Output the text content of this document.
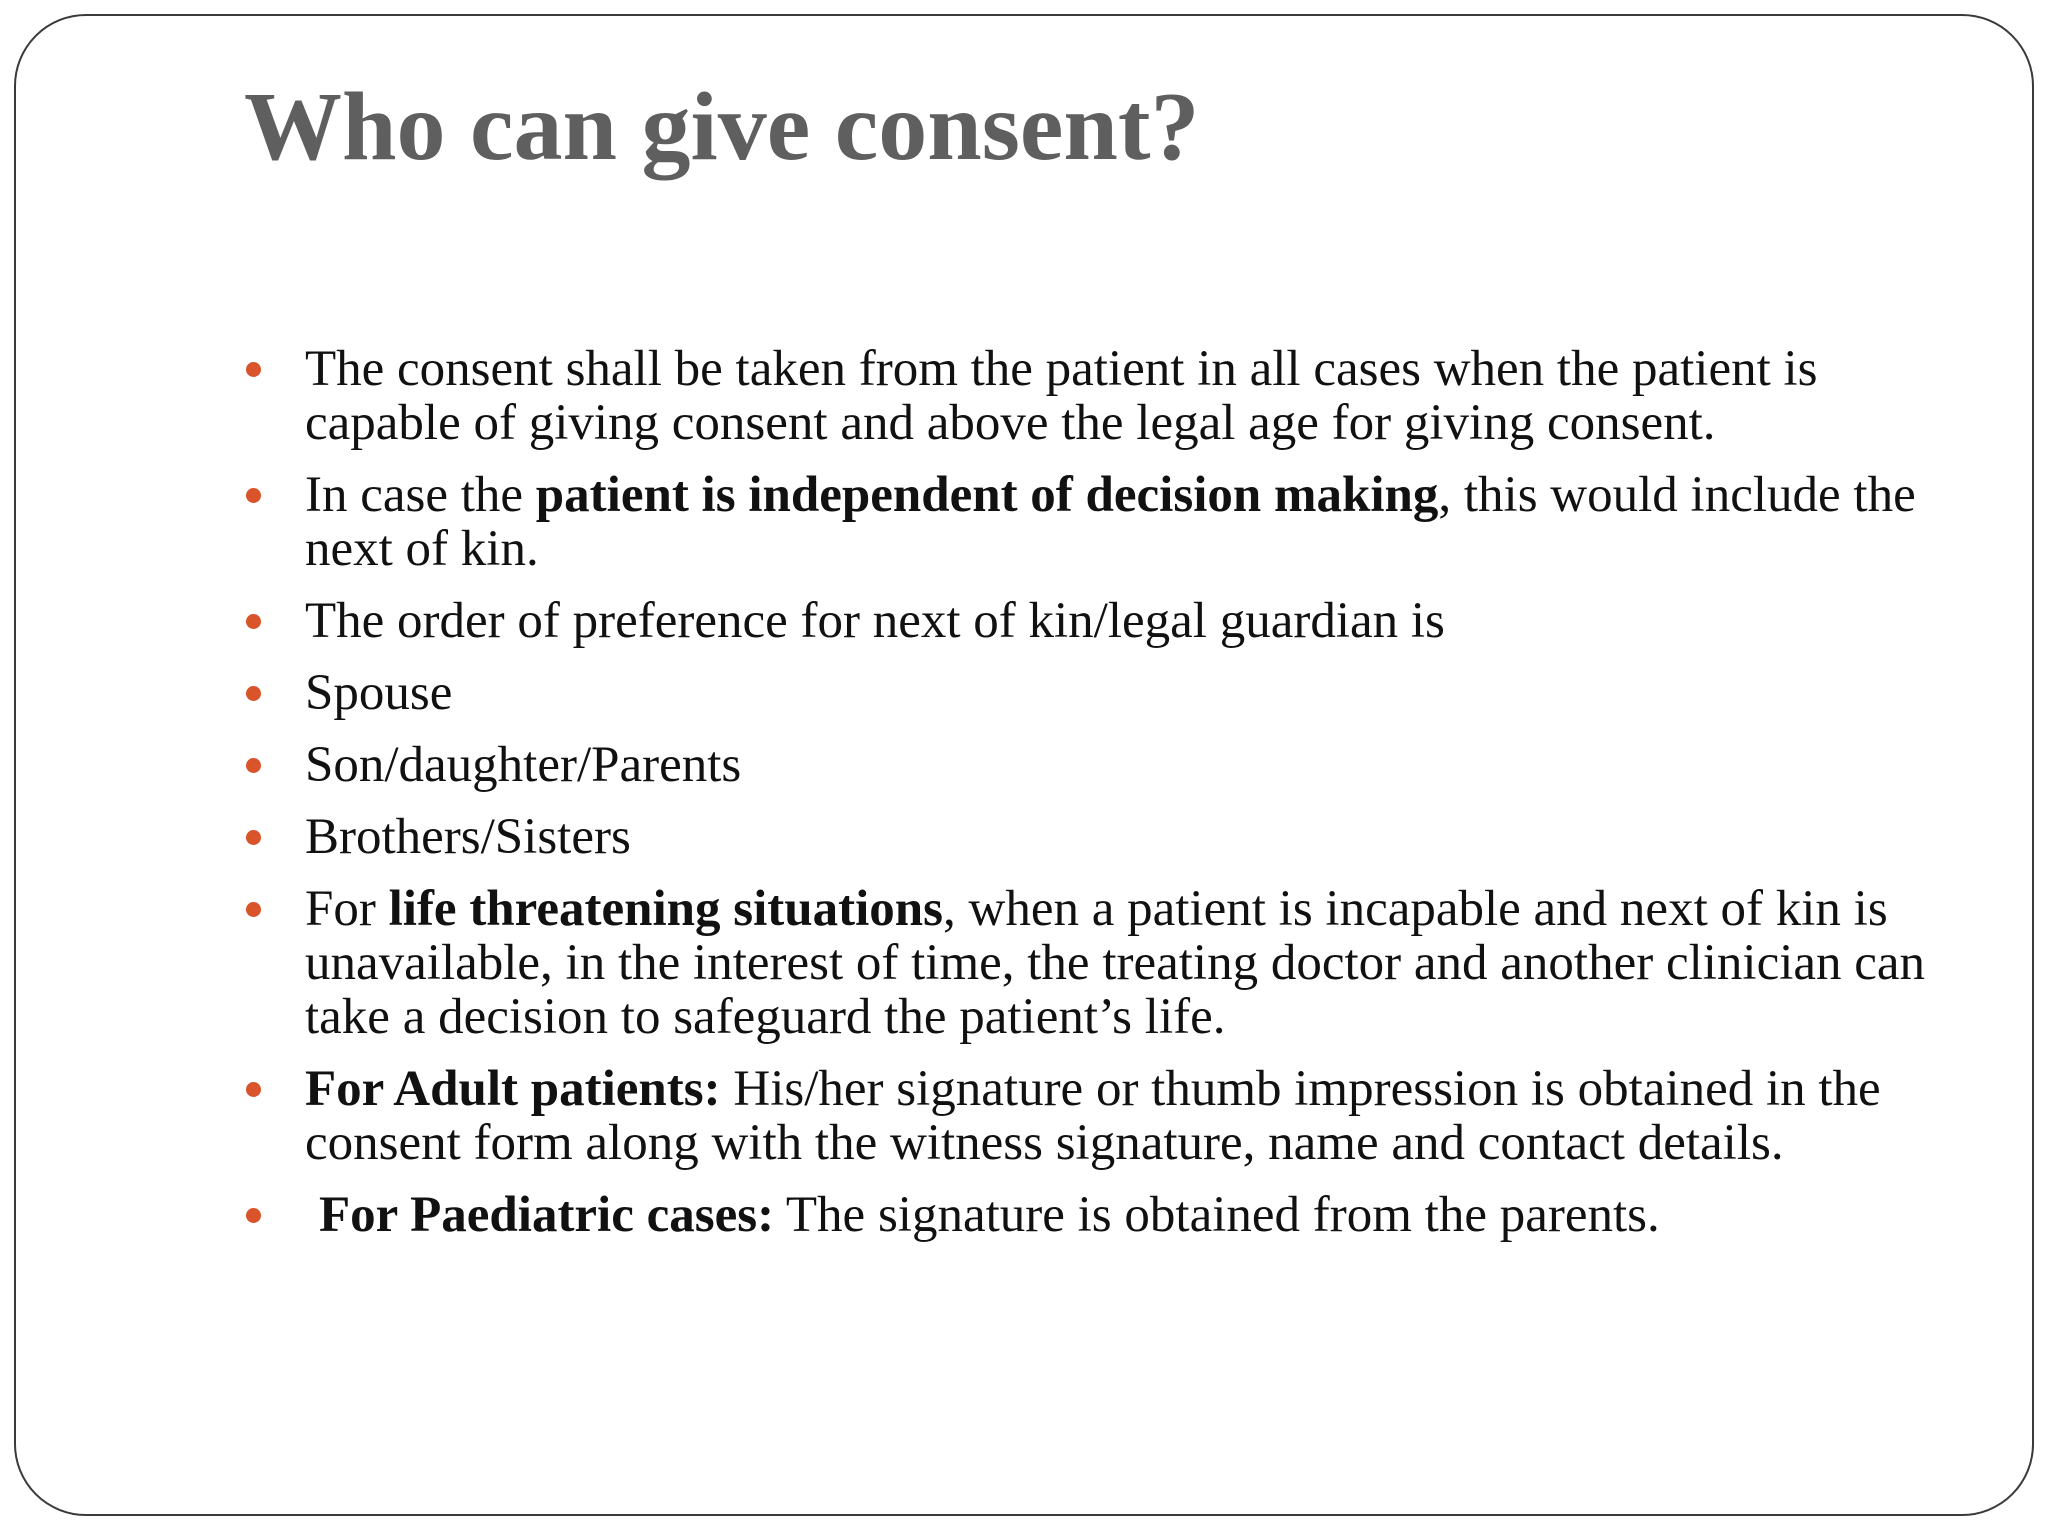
Who can give consent?
The consent shall be taken from the patient in all cases when the patient is capable of giving consent and above the legal age for giving consent.
In case the patient is independent of decision making, this would include the next of kin.
The order of preference for next of kin/legal guardian is
Spouse
Son/daughter/Parents
Brothers/Sisters
For life threatening situations, when a patient is incapable and next of kin is unavailable, in the interest of time, the treating doctor and another clinician can take a decision to safeguard the patient’s life.
For Adult patients: His/her signature or thumb impression is obtained in the consent form along with the witness signature, name and contact details.
For Paediatric cases: The signature is obtained from the parents.
